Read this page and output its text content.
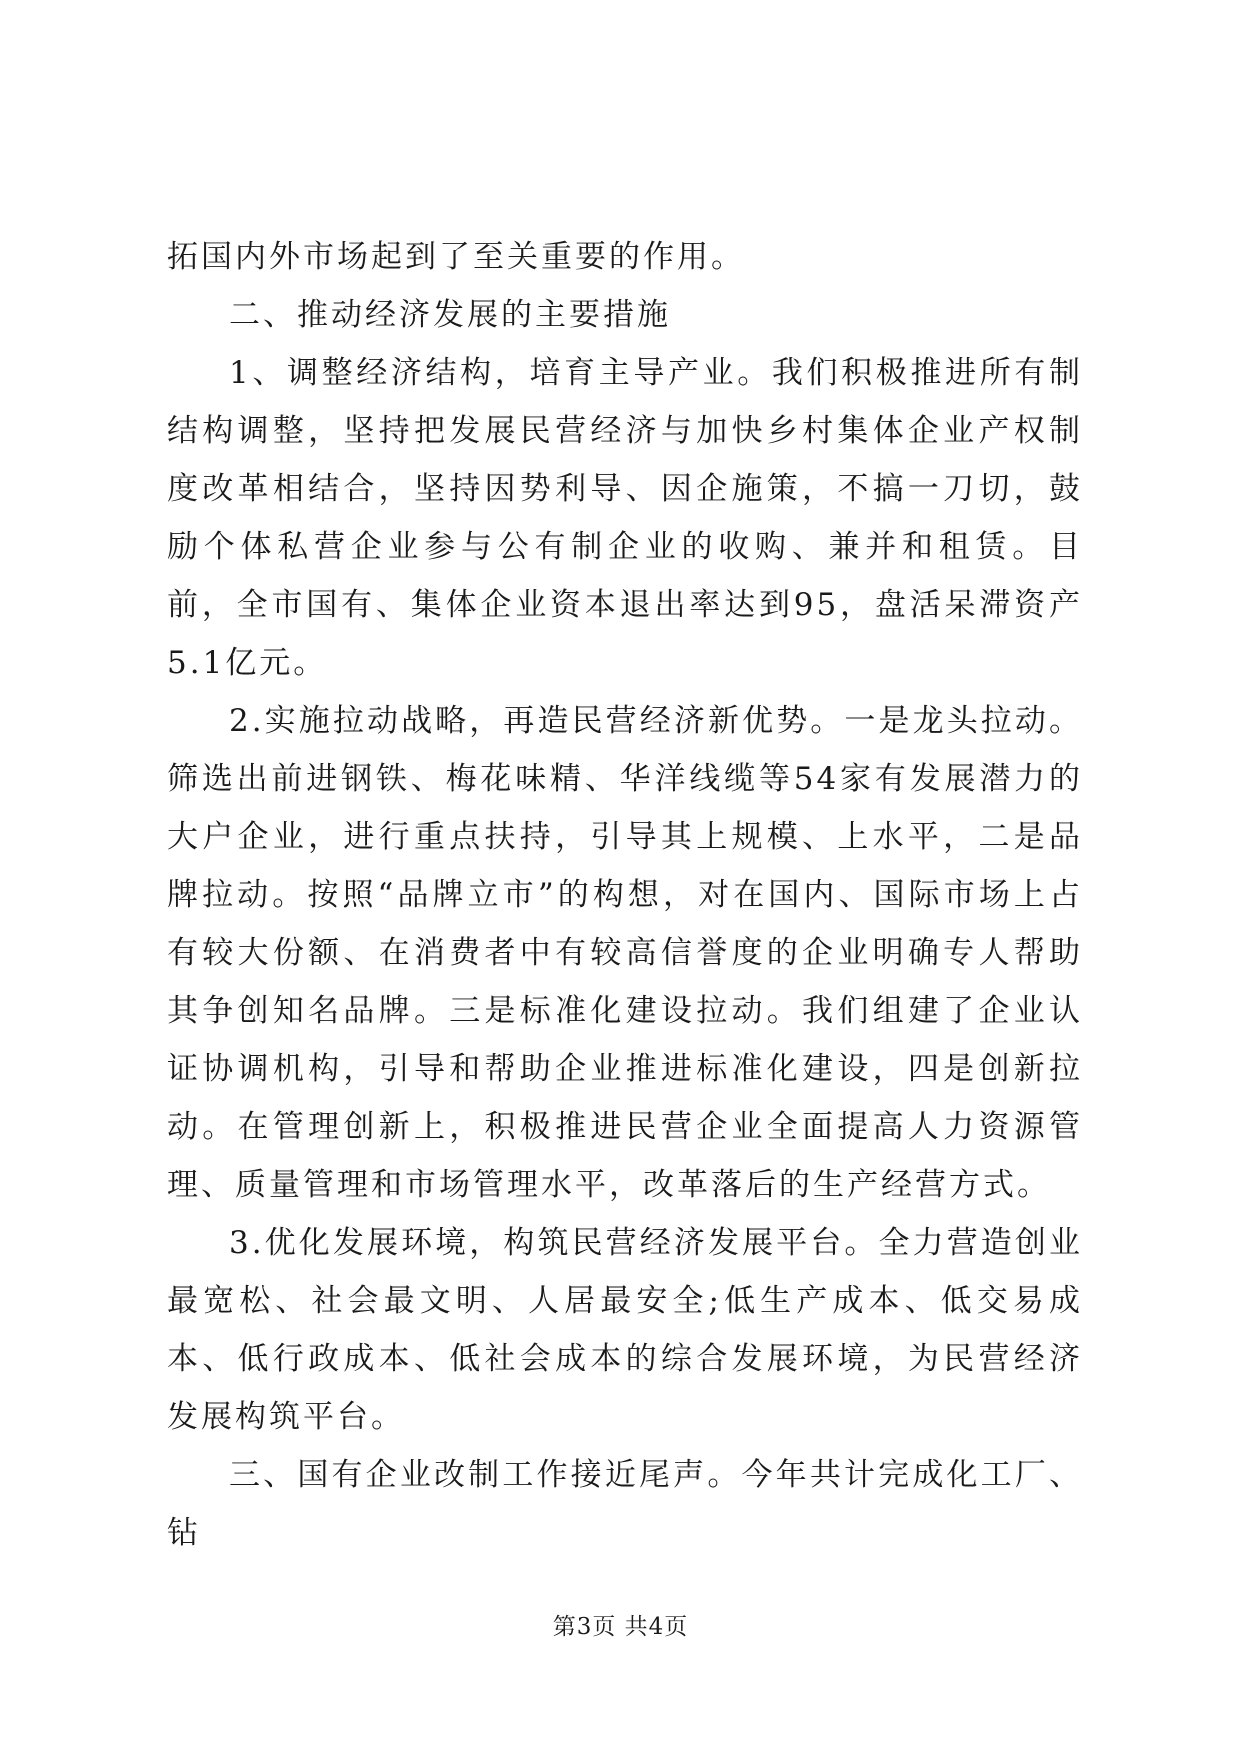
拓国内外市场起到了至关重要的作用。

二、推动经济发展的主要措施

1、调整经济结构，培育主导产业。我们积极推进所有制结构调整，坚持把发展民营经济与加快乡村集体企业产权制度改革相结合，坚持因势利导、因企施策，不搞一刀切，鼓励个体私营企业参与公有制企业的收购、兼并和租赁。目前，全市国有、集体企业资本退出率达到95，盘活呆滞资产5.1亿元。

2.实施拉动战略，再造民营经济新优势。一是龙头拉动。筛选出前进钢铁、梅花味精、华洋线缆等54家有发展潜力的大户企业，进行重点扶持，引导其上规模、上水平，二是品牌拉动。按照“品牌立市”的构想，对在国内、国际市场上占有较大份额、在消费者中有较高信誉度的企业明确专人帮助其争创知名品牌。三是标准化建设拉动。我们组建了企业认证协调机构，引导和帮助企业推进标准化建设，四是创新拉动。在管理创新上，积极推进民营企业全面提高人力资源管理、质量管理和市场管理水平，改革落后的生产经营方式。

3.优化发展环境，构筑民营经济发展平台。全力营造创业最宽松、社会最文明、人居最安全;低生产成本、低交易成本、低行政成本、低社会成本的综合发展环境，为民营经济发展构筑平台。

三、国有企业改制工作接近尾声。今年共计完成化工厂、钻

第3页 共4页
